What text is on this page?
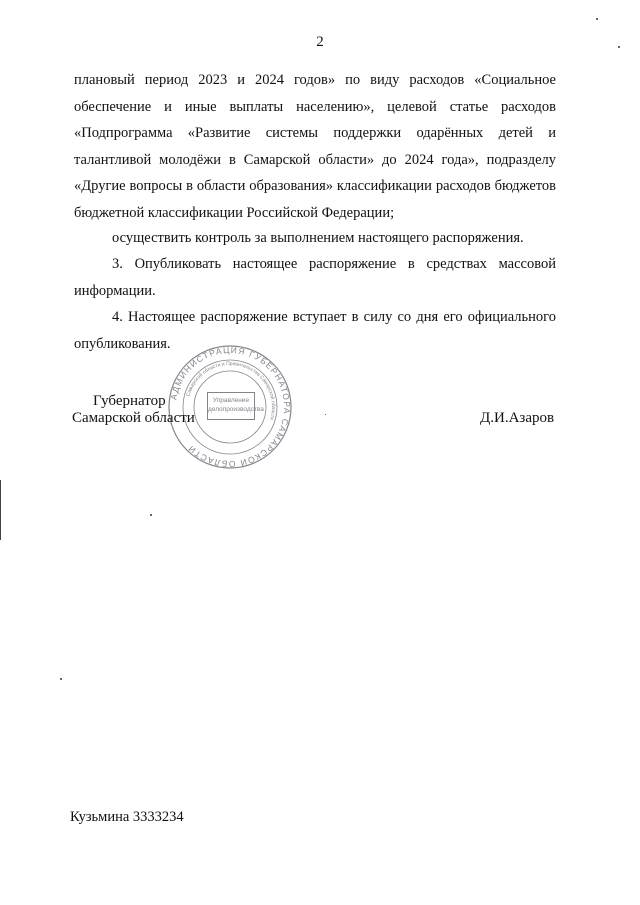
2
плановый период 2023 и 2024 годов» по виду расходов «Социальное обеспечение и иные выплаты населению», целевой статье расходов «Подпрограмма «Развитие системы поддержки одарённых детей и талантливой молодёжи в Самарской области» до 2024 года», подразделу «Другие вопросы в области образования» классификации расходов бюджетов бюджетной классификации Российской Федерации;
осуществить контроль за выполнением настоящего распоряжения.
3. Опубликовать настоящее распоряжение в средствах массовой информации.
4. Настоящее распоряжение вступает в силу со дня его официального опубликования.
АДМИНИСТРАЦИЯ ГУБЕРНАТОРА САМАРСКОЙ ОБЛАСТИ
Самарской области и Правительства Самарской области
Управление
делопроизводства
Губернатор
Самарской области	Д.И.Азаров
Кузьмина 3333234
